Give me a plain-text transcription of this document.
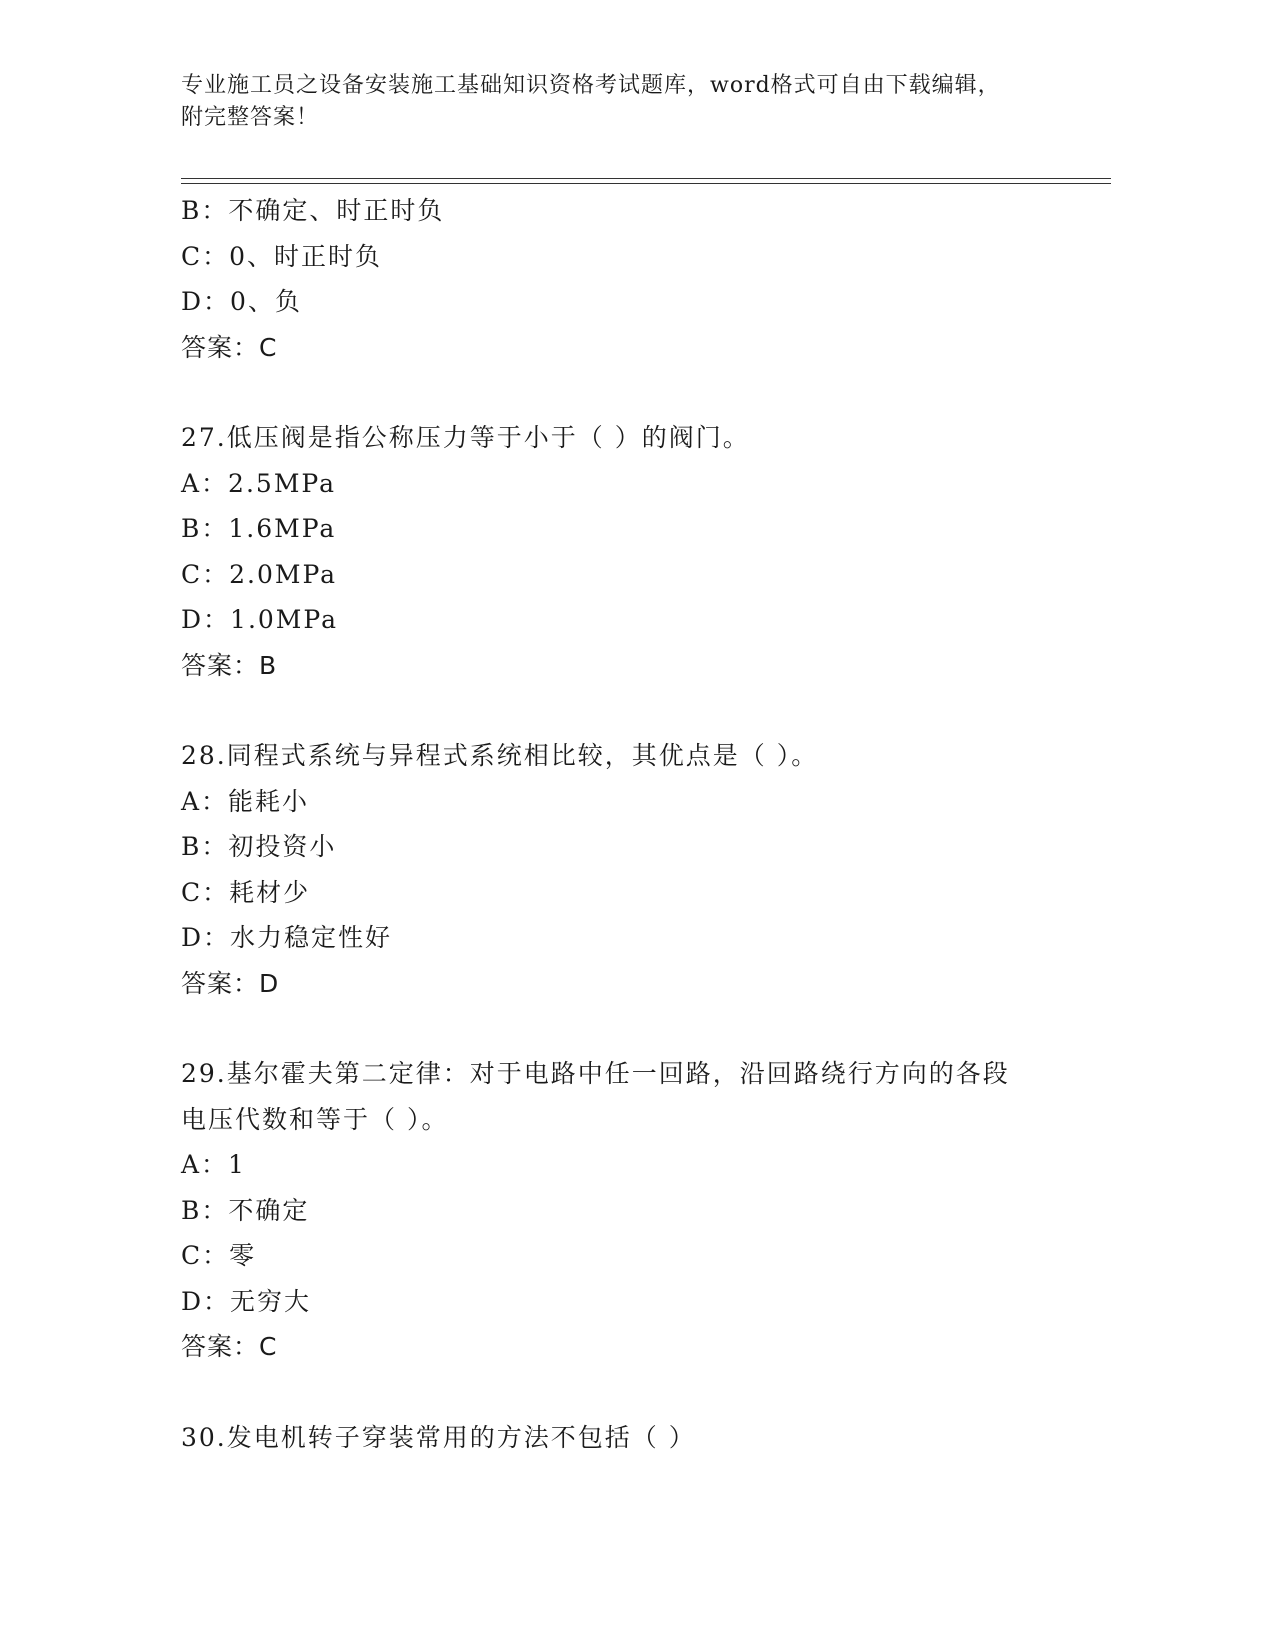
专业施工员之设备安装施工基础知识资格考试题库，word格式可自由下载编辑，
附完整答案！
B：不确定、时正时负
C：0、时正时负
D：0、负
答案：C
27.低压阀是指公称压力等于小于（ ）的阀门。
A：2.5MPa
B：1.6MPa
C：2.0MPa
D：1.0MPa
答案：B
28.同程式系统与异程式系统相比较，其优点是（ ）。
A：能耗小
B：初投资小
C：耗材少
D：水力稳定性好
答案：D
29.基尔霍夫第二定律：对于电路中任一回路，沿回路绕行方向的各段
电压代数和等于（ ）。
A：1
B：不确定
C：零
D：无穷大
答案：C
30.发电机转子穿装常用的方法不包括（ ）
